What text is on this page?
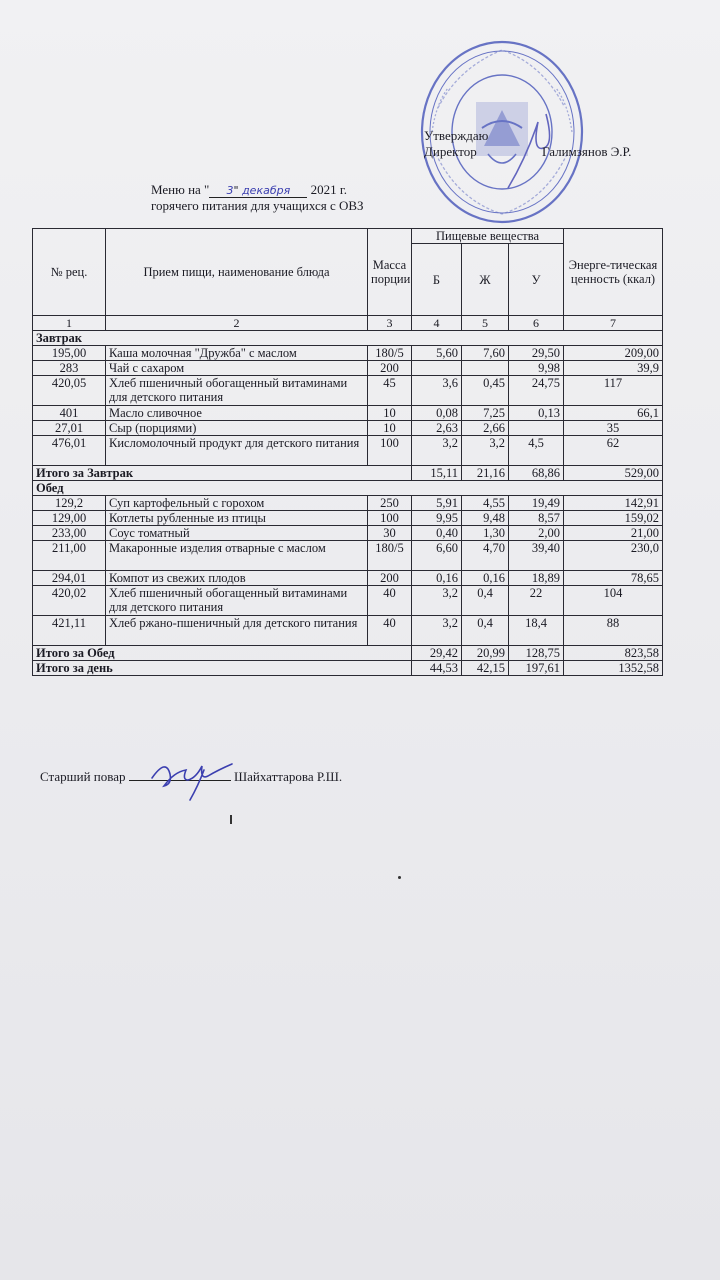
Утверждаю
Директор	Галимзянов Э.Р.
Меню на " 3" декабря 2021 г.
горячего питания для учащихся с ОВЗ
№ рец.	Прием пищи, наименование блюда	Масса порции	Пищевые вещества			Энерге-тическая ценность (ккал)
			Б	Ж	У	
1	2	3	4	5	6	7
Завтрак						
195,00	Каша молочная "Дружба" с маслом	180/5	5,60	7,60	29,50	209,00
283	Чай с сахаром	200			9,98	39,9
420,05	Хлеб пшеничный обогащенный витаминами для детского питания	45	3,6	0,45	24,75	117
401	Масло сливочное	10	0,08	7,25	0,13	66,1
27,01	Сыр (порциями)	10	2,63	2,66		35
476,01	Кисломолочный продукт для детского питания	100	3,2	3,2	4,5	62
Итого за Завтрак			15,11	21,16	68,86	529,00
Обед						
129,2	Суп картофельный с горохом	250	5,91	4,55	19,49	142,91
129,00	Котлеты рубленные из птицы	100	9,95	9,48	8,57	159,02
233,00	Соус томатный	30	0,40	1,30	2,00	21,00
211,00	Макаронные изделия отварные с маслом	180/5	6,60	4,70	39,40	230,0
294,01	Компот из свежих плодов	200	0,16	0,16	18,89	78,65
420,02	Хлеб пшеничный обогащенный витаминами для детского питания	40	3,2	0,4	22	104
421,11	Хлеб ржано-пшеничный для детского питания	40	3,2	0,4	18,4	88
Итого за Обед			29,42	20,99	128,75	823,58
Итого за день			44,53	42,15	197,61	1352,58
Старший повар	Шайхаттарова Р.Ш.
